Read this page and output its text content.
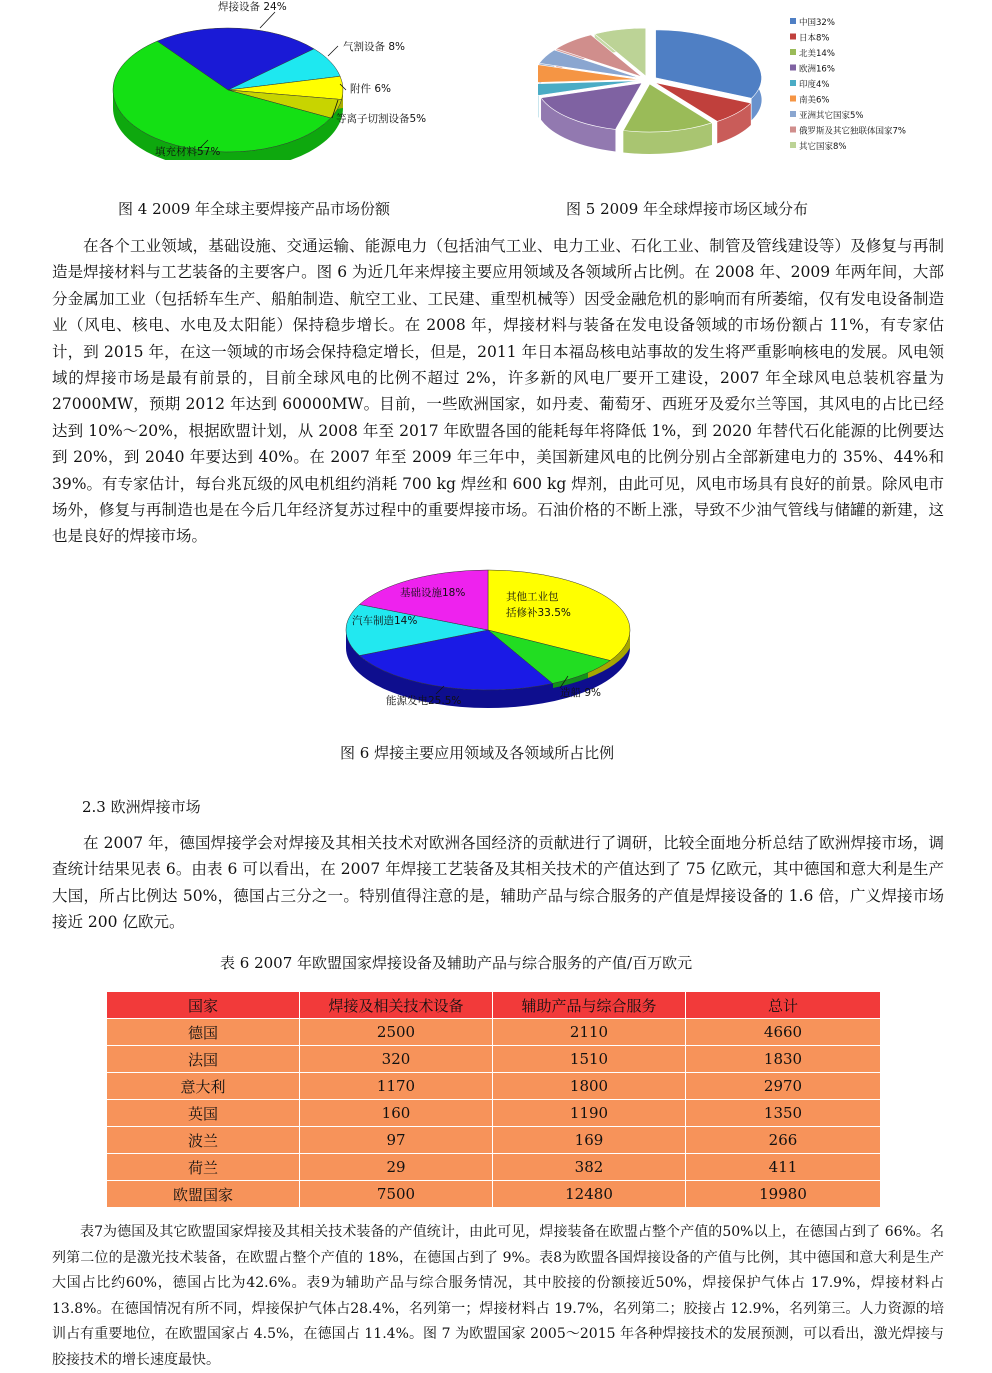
焊接设备 24%
气割设备 8%
附件 6%
等离子切割设备5%
填充材料57%
图 4 2009 年全球主要焊接产品市场份额
中国32%
日本8%
北美14%
欧洲16%
印度4%
南美6%
亚洲其它国家5%
俄罗斯及其它独联体国家7%
其它国家8%
图 5 2009 年全球焊接市场区域分布

在各个工业领域，基础设施、交通运输、能源电力（包括油气工业、电力工业、石化工业、制管及管线建设等）及修复与再制造是焊接材料与工艺装备的主要客户。图 6 为近几年来焊接主要应用领域及各领域所占比例。在 2008 年、2009 年两年间，大部分金属加工业（包括轿车生产、船舶制造、航空工业、工民建、重型机械等）因受金融危机的影响而有所萎缩，仅有发电设备制造业（风电、核电、水电及太阳能）保持稳步增长。在 2008 年，焊接材料与装备在发电设备领域的市场份额占 11%，有专家估计，到 2015 年，在这一领域的市场会保持稳定增长，但是，2011 年日本福岛核电站事故的发生将严重影响核电的发展。风电领域的焊接市场是最有前景的，目前全球风电的比例不超过 2%，许多新的风电厂要开工建设，2007 年全球风电总装机容量为 27000MW，预期 2012 年达到 60000MW。目前，一些欧洲国家，如丹麦、葡萄牙、西班牙及爱尔兰等国，其风电的占比已经达到 10%～20%，根据欧盟计划，从 2008 年至 2017 年欧盟各国的能耗每年将降低 1%，到 2020 年替代石化能源的比例要达到 20%，到 2040 年要达到 40%。在 2007 年至 2009 年三年中，美国新建风电的比例分别占全部新建电力的 35%、44%和 39%。有专家估计，每台兆瓦级的风电机组约消耗 700 kg 焊丝和 600 kg 焊剂，由此可见，风电市场具有良好的前景。除风电市场外，修复与再制造也是在今后几年经济复苏过程中的重要焊接市场。石油价格的不断上涨，导致不少油气管线与储罐的新建，这也是良好的焊接市场。

基础设施18%	其他工业包
括修补33.5%
汽车制造14%
造船 9%
能源发电25.5%
图 6 焊接主要应用领域及各领域所占比例
2.3 欧洲焊接市场

在 2007 年，德国焊接学会对焊接及其相关技术对欧洲各国经济的贡献进行了调研，比较全面地分析总结了欧洲焊接市场，调查统计结果见表 6。由表 6 可以看出，在 2007 年焊接工艺装备及其相关技术的产值达到了 75 亿欧元，其中德国和意大利是生产大国，所占比例达 50%，德国占三分之一。特别值得注意的是，辅助产品与综合服务的产值是焊接设备的 1.6 倍，广义焊接市场接近 200 亿欧元。

表 6 2007 年欧盟国家焊接设备及辅助产品与综合服务的产值/百万欧元
国家	焊接及相关技术设备	辅助产品与综合服务	总计
德国	2500	2110	4660
法国	320	1510	1830
意大利	1170	1800	2970
英国	160	1190	1350
波兰	97	169	266
荷兰	29	382	411
欧盟国家	7500	12480	19980

表7为德国及其它欧盟国家焊接及其相关技术装备的产值统计，由此可见，焊接装备在欧盟占整个产值的50%以上，在德国占到了 66%。名列第二位的是激光技术装备，在欧盟占整个产值的 18%，在德国占到了 9%。表8为欧盟各国焊接设备的产值与比例，其中德国和意大利是生产大国占比约60%，德国占比为42.6%。表9为辅助产品与综合服务情况，其中胶接的份额接近50%，焊接保护气体占 17.9%，焊接材料占 13.8%。在德国情况有所不同，焊接保护气体占28.4%，名列第一；焊接材料占 19.7%，名列第二；胶接占 12.9%，名列第三。人力资源的培训占有重要地位，在欧盟国家占 4.5%，在德国占 11.4%。图 7 为欧盟国家 2005～2015 年各种焊接技术的发展预测，可以看出，激光焊接与胶接技术的增长速度最快。
